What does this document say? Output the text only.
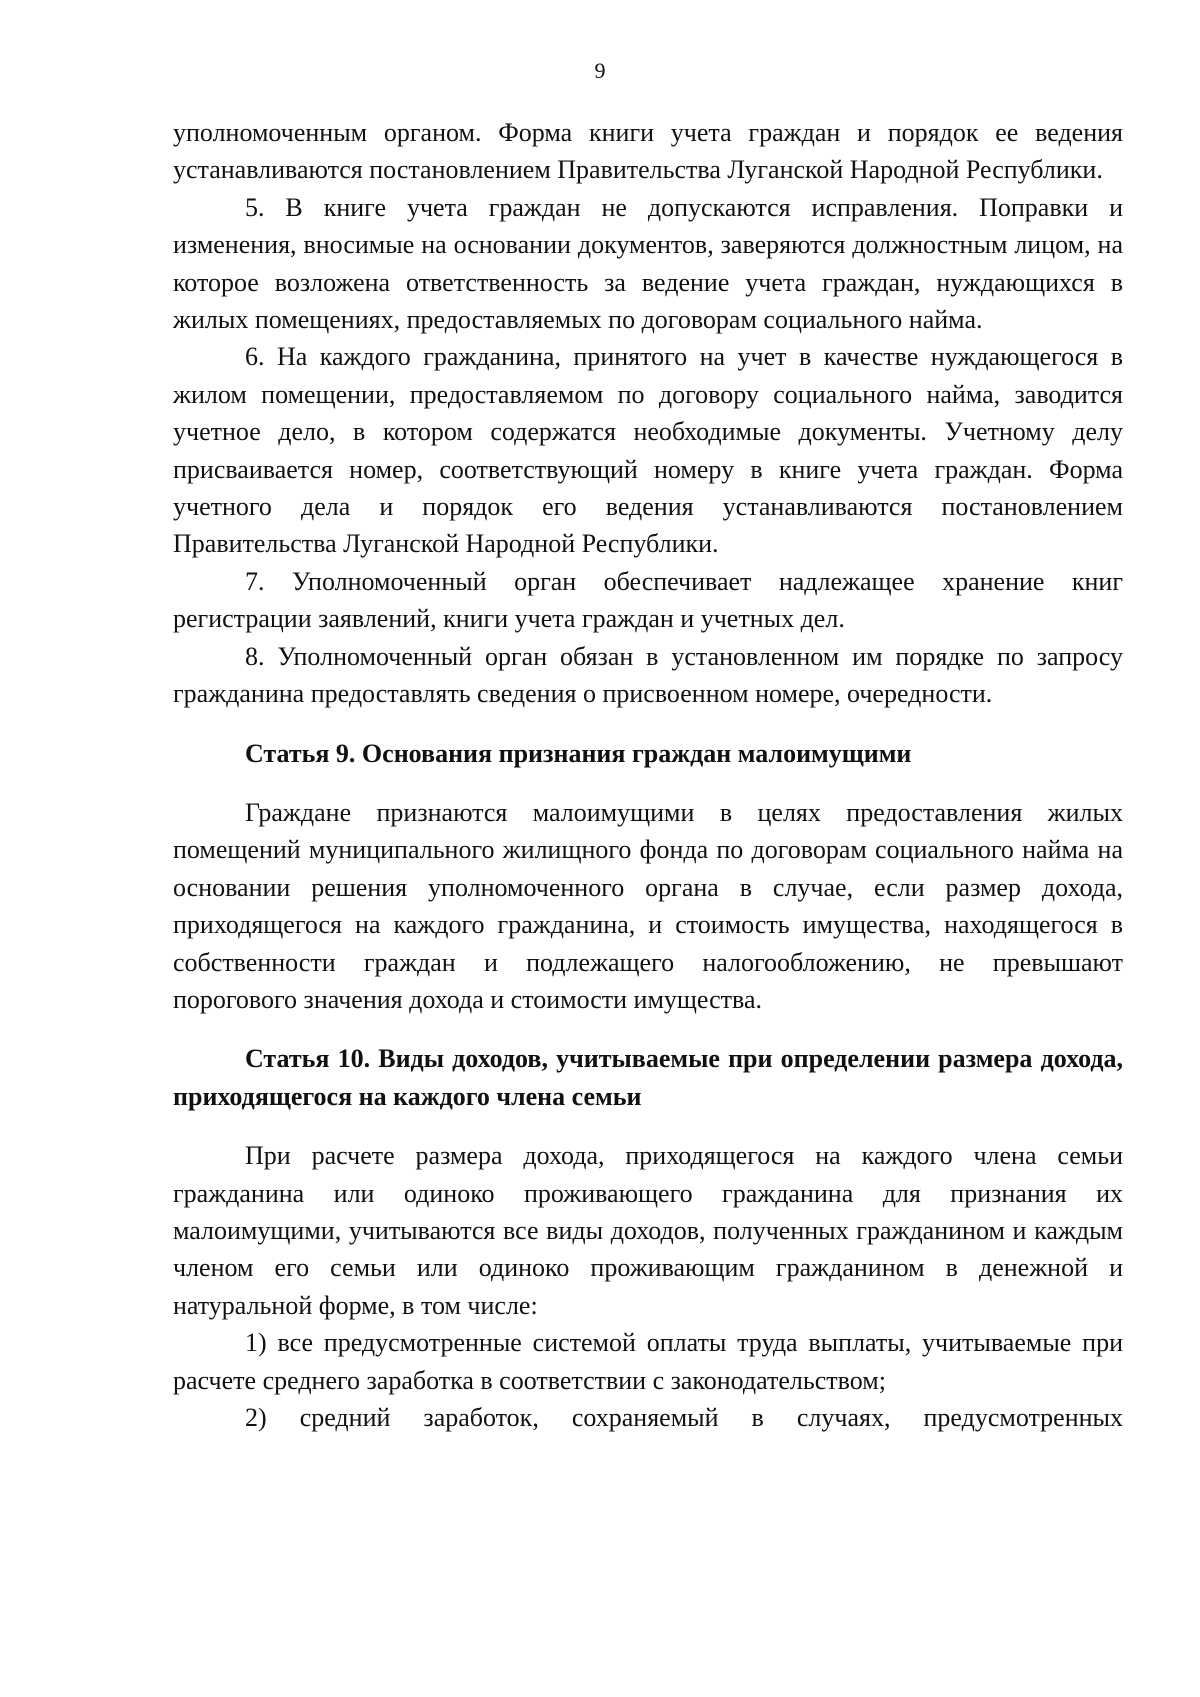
9

уполномоченным органом. Форма книги учета граждан и порядок ее ведения устанавливаются постановлением Правительства Луганской Народной Республики.

5. В книге учета граждан не допускаются исправления. Поправки и изменения, вносимые на основании документов, заверяются должностным лицом, на которое возложена ответственность за ведение учета граждан, нуждающихся в жилых помещениях, предоставляемых по договорам социального найма.

6. На каждого гражданина, принятого на учет в качестве нуждающегося в жилом помещении, предоставляемом по договору социального найма, заводится учетное дело, в котором содержатся необходимые документы. Учетному делу присваивается номер, соответствующий номеру в книге учета граждан. Форма учетного дела и порядок его ведения устанавливаются постановлением Правительства Луганской Народной Республики.

7. Уполномоченный орган обеспечивает надлежащее хранение книг регистрации заявлений, книги учета граждан и учетных дел.

8. Уполномоченный орган обязан в установленном им порядке по запросу гражданина предоставлять сведения о присвоенном номере, очередности.

Статья 9. Основания признания граждан малоимущими

Граждане признаются малоимущими в целях предоставления жилых помещений муниципального жилищного фонда по договорам социального найма на основании решения уполномоченного органа в случае, если размер дохода, приходящегося на каждого гражданина, и стоимость имущества, находящегося в собственности граждан и подлежащего налогообложению, не превышают порогового значения дохода и стоимости имущества.

Статья 10. Виды доходов, учитываемые при определении размера дохода, приходящегося на каждого члена семьи

При расчете размера дохода, приходящегося на каждого члена семьи гражданина или одиноко проживающего гражданина для признания их малоимущими, учитываются все виды доходов, полученных гражданином и каждым членом его семьи или одиноко проживающим гражданином в денежной и натуральной форме, в том числе:

1) все предусмотренные системой оплаты труда выплаты, учитываемые при расчете среднего заработка в соответствии с законодательством;

2) средний заработок, сохраняемый в случаях, предусмотренных
